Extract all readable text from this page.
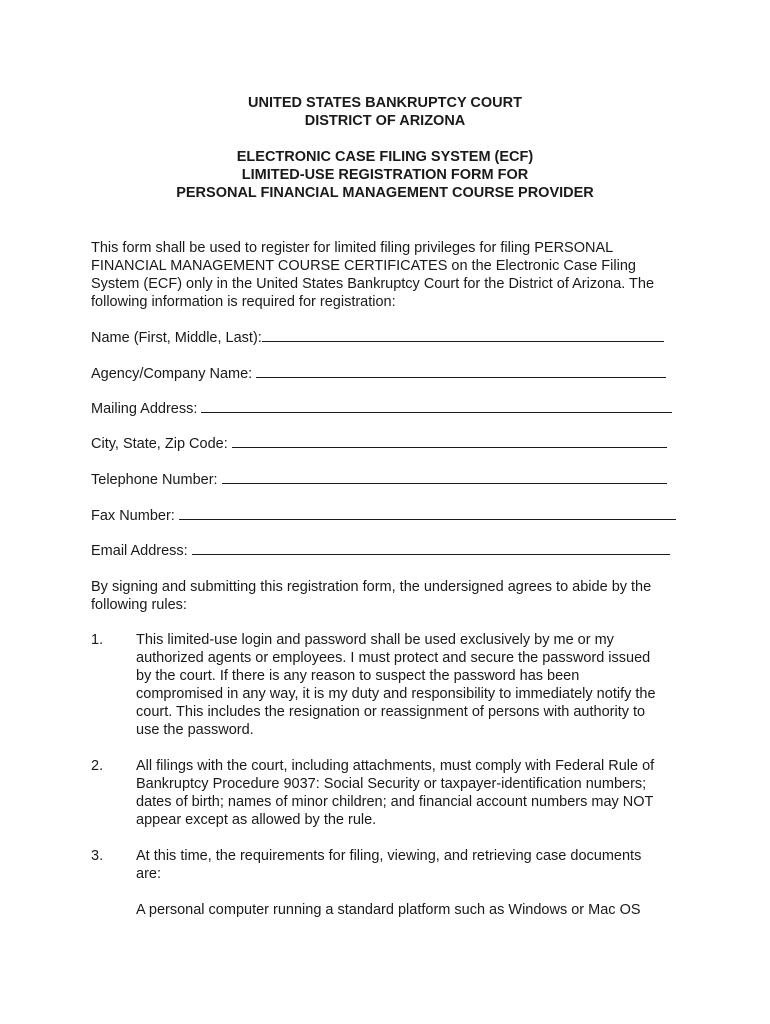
UNITED STATES BANKRUPTCY COURT
DISTRICT OF ARIZONA
ELECTRONIC CASE FILING SYSTEM (ECF)
LIMITED-USE REGISTRATION FORM FOR
PERSONAL FINANCIAL MANAGEMENT COURSE PROVIDER
This form shall be used to register for limited filing privileges for filing PERSONAL
FINANCIAL MANAGEMENT COURSE CERTIFICATES on the Electronic Case Filing
System (ECF) only in the United States Bankruptcy Court for the District of Arizona. The
following information is required for registration:
Name (First, Middle, Last):
Agency/Company Name:
Mailing Address:
City, State, Zip Code:
Telephone Number:
Fax Number:
Email Address:
By signing and submitting this registration form, the undersigned agrees to abide by the
following rules:
1. This limited-use login and password shall be used exclusively by me or my
authorized agents or employees. I must protect and secure the password issued
by the court. If there is any reason to suspect the password has been
compromised in any way, it is my duty and responsibility to immediately notify the
court. This includes the resignation or reassignment of persons with authority to
use the password.
2. All filings with the court, including attachments, must comply with Federal Rule of
Bankruptcy Procedure 9037: Social Security or taxpayer-identification numbers;
dates of birth; names of minor children; and financial account numbers may NOT
appear except as allowed by the rule.
3. At this time, the requirements for filing, viewing, and retrieving case documents
are:
A personal computer running a standard platform such as Windows or Mac OS
